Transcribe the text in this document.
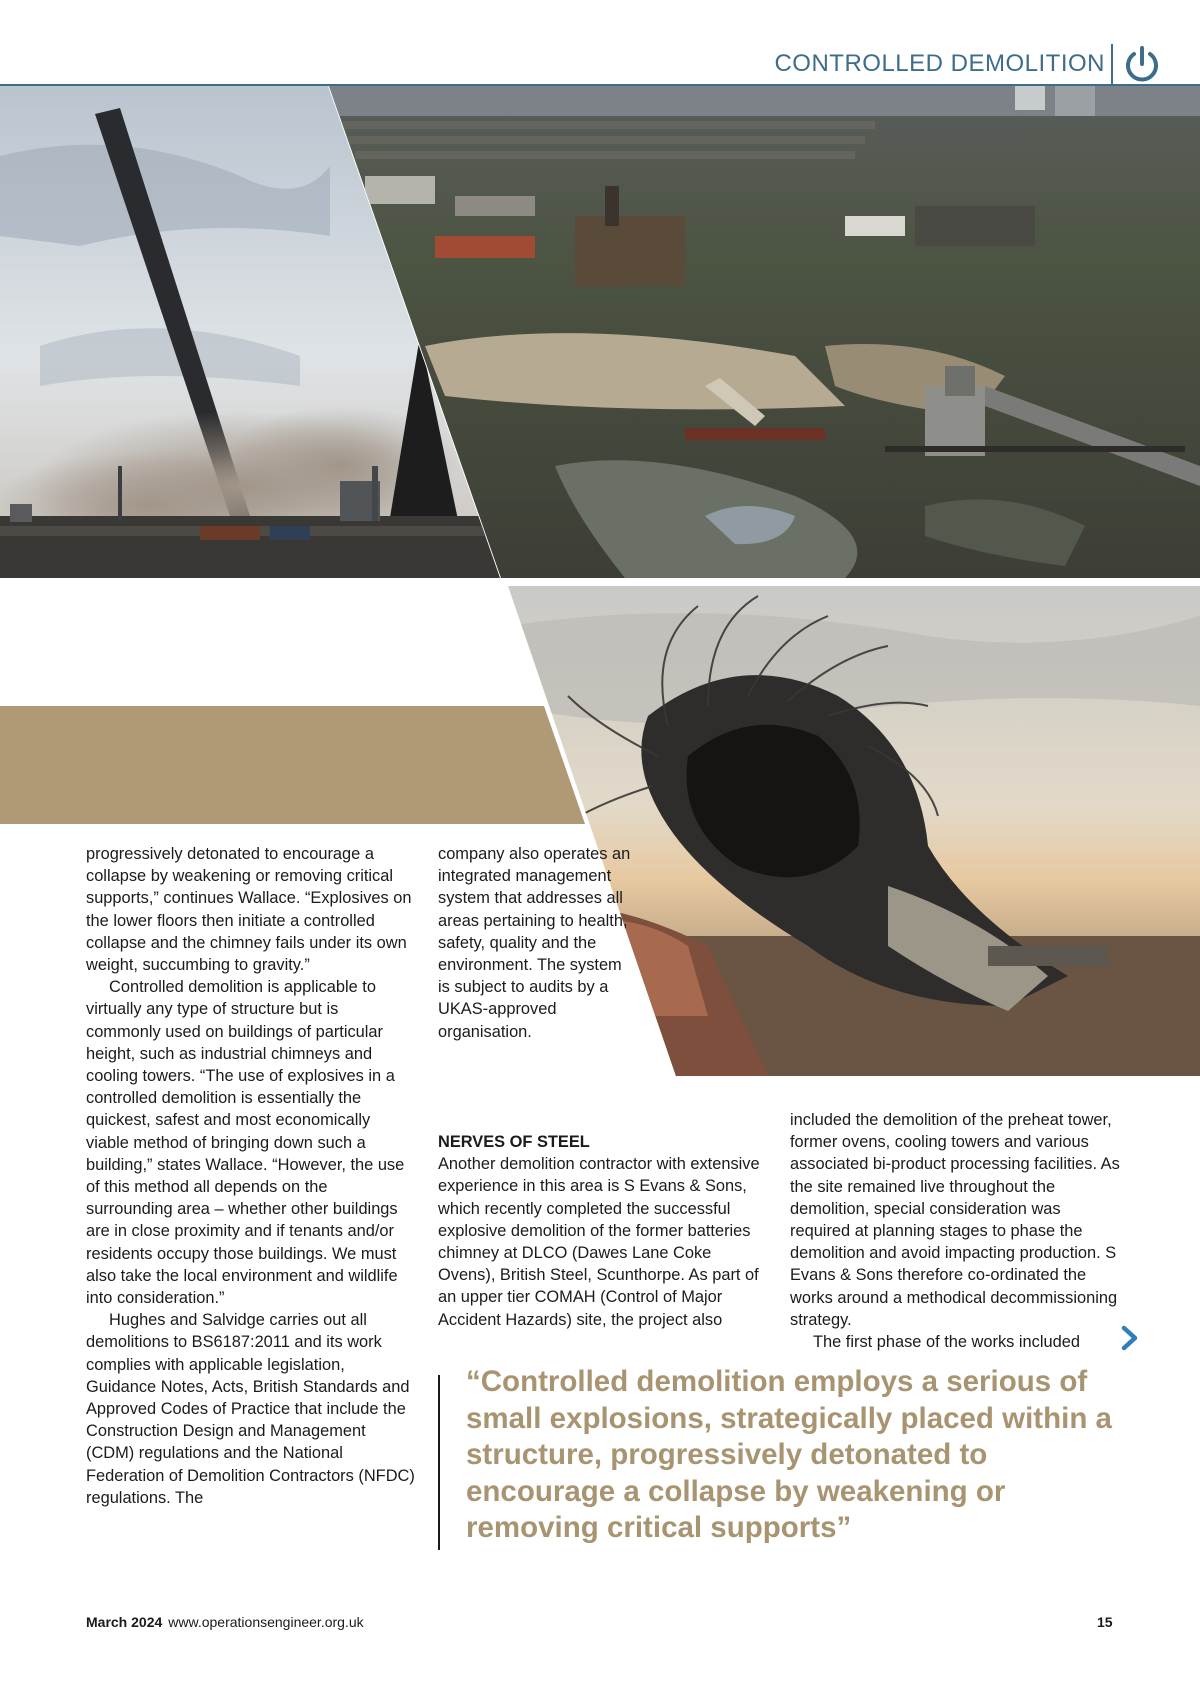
CONTROLLED DEMOLITION

progressively detonated to encourage a collapse by weakening or removing critical supports,” continues Wallace. “Explosives on the lower floors then initiate a controlled collapse and the chimney fails under its own weight, succumbing to gravity.”

Controlled demolition is applicable to virtually any type of structure but is commonly used on buildings of particular height, such as industrial chimneys and cooling towers. “The use of explosives in a controlled demolition is essentially the quickest, safest and most economically viable method of bringing down such a building,” states Wallace. “However, the use of this method all depends on the surrounding area – whether other buildings are in close proximity and if tenants and/or residents occupy those buildings. We must also take the local environment and wildlife into consideration.”

Hughes and Salvidge carries out all demolitions to BS6187:2011 and its work complies with applicable legislation, Guidance Notes, Acts, British Standards and Approved Codes of Practice that include the Construction Design and Management (CDM) regulations and the National Federation of Demolition Contractors (NFDC) regulations. The

company also operates an integrated management system that addresses all areas pertaining to health, safety, quality and the environment. The system is subject to audits by a UKAS-approved organisation.

NERVES OF STEEL

Another demolition contractor with extensive experience in this area is S Evans & Sons, which recently completed the successful explosive demolition of the former batteries chimney at DLCO (Dawes Lane Coke Ovens), British Steel, Scunthorpe. As part of an upper tier COMAH (Control of Major Accident Hazards) site, the project also

included the demolition of the preheat tower, former ovens, cooling towers and various associated bi-product processing facilities. As the site remained live throughout the demolition, special consideration was required at planning stages to phase the demolition and avoid impacting production. S Evans & Sons therefore co-ordinated the works around a methodical decommissioning strategy.

The first phase of the works included

“Controlled demolition employs a serious of small explosions, strategically placed within a structure, progressively detonated to encourage a collapse by weakening or removing critical supports”
March 2024 www.operationsengineer.org.uk	15
